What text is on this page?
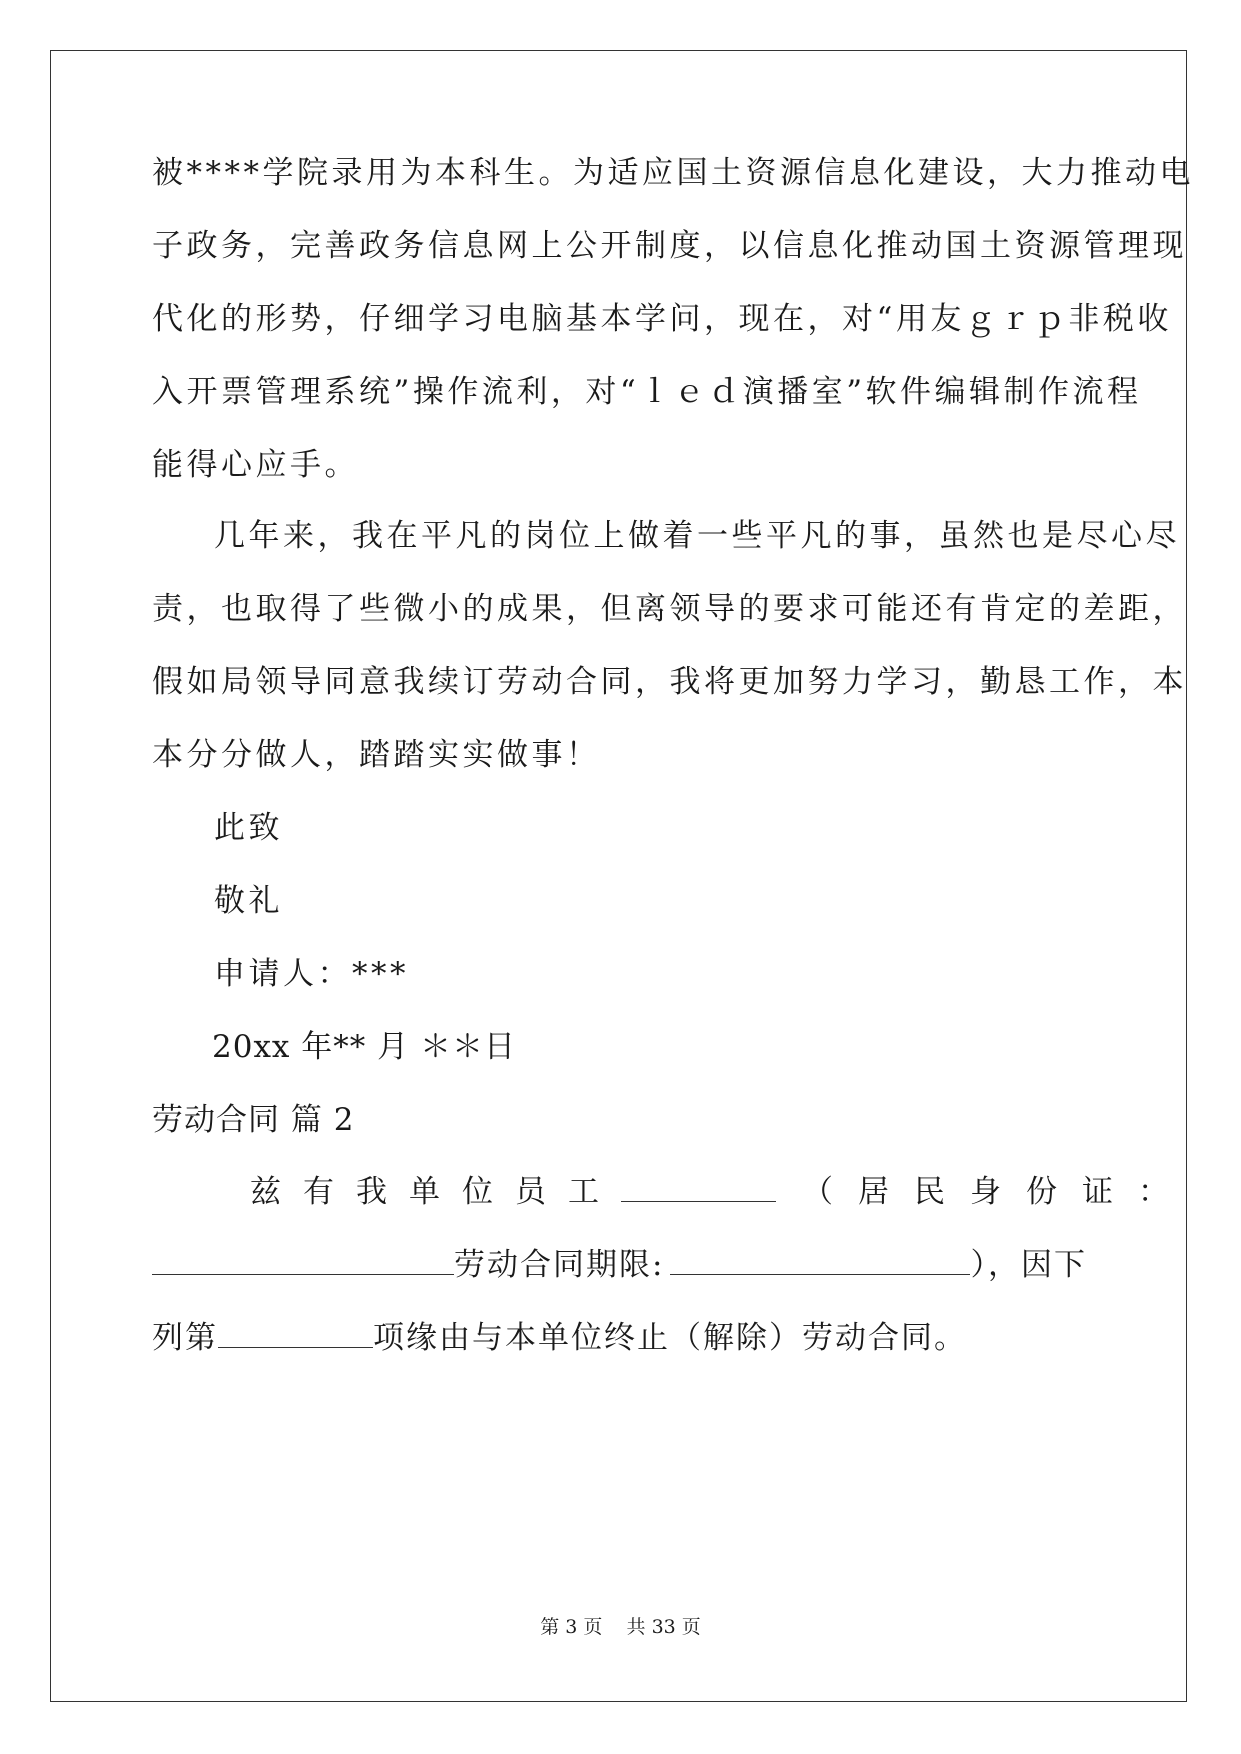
被****学院录用为本科生。为适应国土资源信息化建设，大力推动电
子政务，完善政务信息网上公开制度，以信息化推动国土资源管理现
代化的形势，仔细学习电脑基本学问，现在，对“用友ｇｒｐ非税收
入开票管理系统”操作流利，对“ｌｅｄ演播室”软件编辑制作流程
能得心应手。
几年来，我在平凡的岗位上做着一些平凡的事，虽然也是尽心尽
责，也取得了些微小的成果，但离领导的要求可能还有肯定的差距，
假如局领导同意我续订劳动合同，我将更加努力学习，勤恳工作，本
本分分做人，踏踏实实做事！
此致
敬礼
申请人：***
20xx 年** 月 ＊＊日
劳动合同 篇 2
兹有我单位员工	（居民身份证：
劳动合同期限:	），因下
列第	项缘由与本单位终止（解除）劳动合同。
第 3 页 共 33 页
